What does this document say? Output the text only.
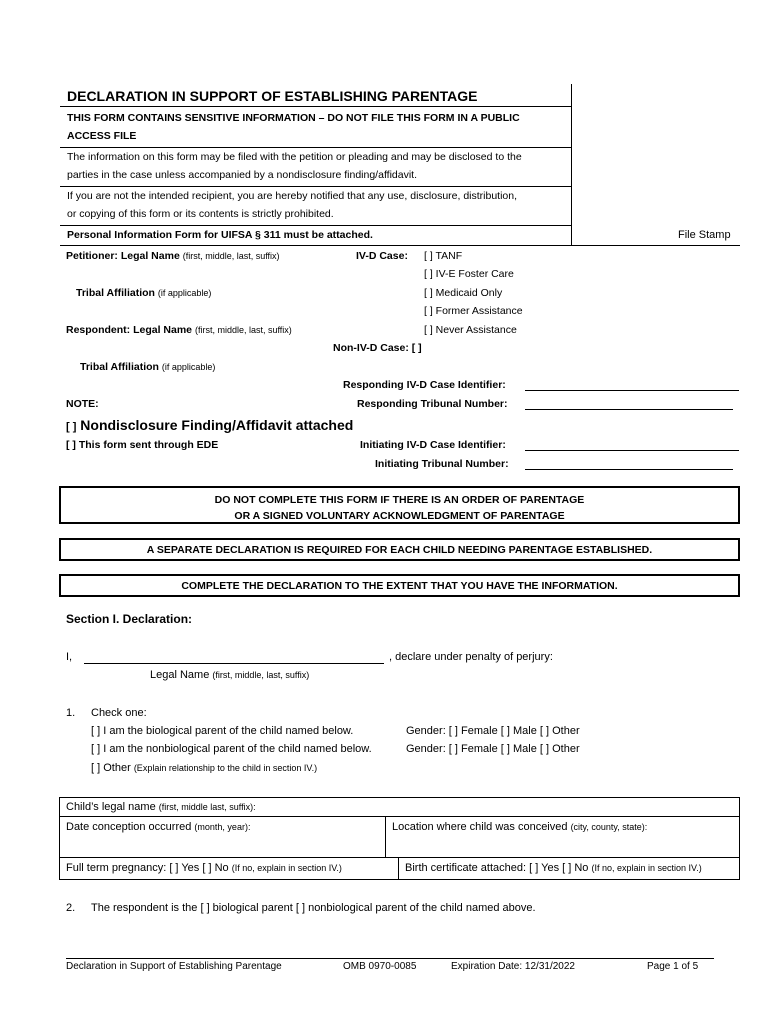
DECLARATION IN SUPPORT OF ESTABLISHING PARENTAGE
THIS FORM CONTAINS SENSITIVE INFORMATION – DO NOT FILE THIS FORM IN A PUBLIC
ACCESS FILE
The information on this form may be filed with the petition or pleading and may be disclosed to the
parties in the case unless accompanied by a nondisclosure finding/affidavit.
If you are not the intended recipient, you are hereby notified that any use, disclosure, distribution,
or copying of this form or its contents is strictly prohibited.
Personal Information Form for UIFSA § 311 must be attached.	File Stamp
Petitioner: Legal Name (first, middle, last, suffix)
Tribal Affiliation (if applicable)
Respondent: Legal Name (first, middle, last, suffix)
Tribal Affiliation (if applicable)
NOTE:
[ ] Nondisclosure Finding/Affidavit attached
[ ] This form sent through EDE
IV-D Case: [ ] TANF
[ ] IV-E Foster Care
[ ] Medicaid Only
[ ] Former Assistance
[ ] Never Assistance
Non-IV-D Case: [ ]
Responding IV-D Case Identifier:
Responding Tribunal Number:
Initiating IV-D Case Identifier:
Initiating Tribunal Number:
DO NOT COMPLETE THIS FORM IF THERE IS AN ORDER OF PARENTAGE
OR A SIGNED VOLUNTARY ACKNOWLEDGMENT OF PARENTAGE
A SEPARATE DECLARATION IS REQUIRED FOR EACH CHILD NEEDING PARENTAGE ESTABLISHED.
COMPLETE THE DECLARATION TO THE EXTENT THAT YOU HAVE THE INFORMATION.
Section I. Declaration:
I,	, declare under penalty of perjury:
Legal Name (first, middle, last, suffix)
1. Check one:
[ ] I am the biological parent of the child named below.	Gender: [ ] Female [ ] Male [ ] Other
[ ] I am the nonbiological parent of the child named below.	Gender: [ ] Female [ ] Male [ ] Other
[ ] Other (Explain relationship to the child in section IV.)
Child’s legal name (first, middle last, suffix):
Date conception occurred (month, year):	Location where child was conceived (city, county, state):
Full term pregnancy: [ ] Yes [ ] No (If no, explain in section IV.)	Birth certificate attached: [ ] Yes [ ] No (If no, explain in section IV.)
2. The respondent is the [ ] biological parent [ ] nonbiological parent of the child named above.
Declaration in Support of Establishing Parentage	OMB 0970-0085	Expiration Date: 12/31/2022	Page 1 of 5
